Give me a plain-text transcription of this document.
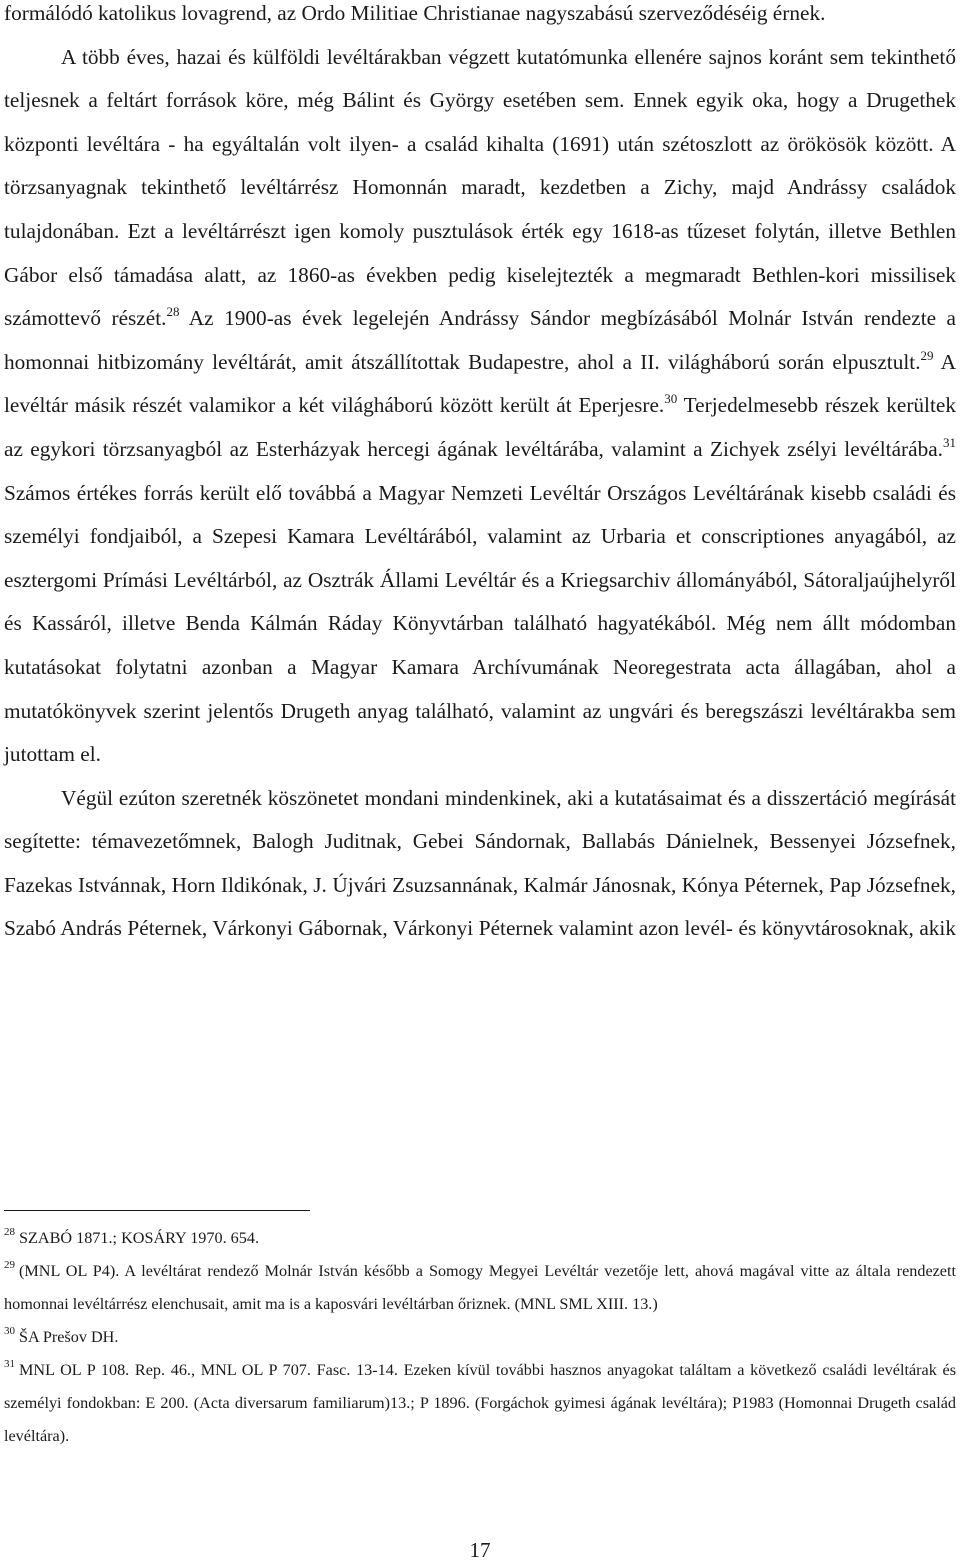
formálódó katolikus lovagrend, az Ordo Militiae Christianae nagyszabású szerveződéséig érnek.

A több éves, hazai és külföldi levéltárakban végzett kutatómunka ellenére sajnos koránt sem tekinthető teljesnek a feltárt források köre, még Bálint és György esetében sem. Ennek egyik oka, hogy a Drugethek központi levéltára - ha egyáltalán volt ilyen- a család kihalta (1691) után szétoszlott az örökösök között. A törzsanyagnak tekinthető levéltárrész Homonnán maradt, kezdetben a Zichy, majd Andrássy családok tulajdonában. Ezt a levéltárrészt igen komoly pusztulások érték egy 1618-as tűzeset folytán, illetve Bethlen Gábor első támadása alatt, az 1860-as években pedig kiselejtezték a megmaradt Bethlen-kori missilisek számottevő részét.$^{28}$ Az 1900-as évek legelején Andrássy Sándor megbízásából Molnár István rendezte a homonnai hitbizomány levéltárát, amit átszállítottak Budapestre, ahol a II. világháború során elpusztult.$^{29}$ A levéltár másik részét valamikor a két világháború között került át Eperjesre.$^{30}$ Terjedelmesebb részek kerültek az egykori törzsanyagból az Esterházyak hercegi ágának levéltárába, valamint a Zichyek zsélyi levéltárába.$^{31}$ Számos értékes forrás került elő továbbá a Magyar Nemzeti Levéltár Országos Levéltárának kisebb családi és személyi fondjaiból, a Szepesi Kamara Levéltárából, valamint az Urbaria et conscriptiones anyagából, az esztergomi Prímási Levéltárból, az Osztrák Állami Levéltár és a Kriegsarchiv állományából, Sátoraljaújhelyről és Kassáról, illetve Benda Kálmán Ráday Könyvtárban található hagyatékából. Még nem állt módomban kutatásokat folytatni azonban a Magyar Kamara Archívumának Neoregestrata acta állagában, ahol a mutatókönyvek szerint jelentős Drugeth anyag található, valamint az ungvári és beregszászi levéltárakba sem jutottam el.

Végül ezúton szeretnék köszönetet mondani mindenkinek, aki a kutatásaimat és a disszertáció megírását segítette: témavezetőmnek, Balogh Juditnak, Gebei Sándornak, Ballabás Dánielnek, Bessenyei Józsefnek, Fazekas Istvánnak, Horn Ildikónak, J. Újvári Zsuzsannának, Kalmár Jánosnak, Kónya Péternek, Pap Józsefnek, Szabó András Péternek, Várkonyi Gábornak, Várkonyi Péternek valamint azon levél- és könyvtárosoknak, akik

$^{28}$ SZABÓ 1871.; KOSÁRY 1970. 654.

$^{29}$ (MNL OL P4). A levéltárat rendező Molnár István később a Somogy Megyei Levéltár vezetője lett, ahová magával vitte az általa rendezett homonnai levéltárrész elenchusait, amit ma is a kaposvári levéltárban őriznek. (MNL SML XIII. 13.)

$^{30}$ ŠA Prešov DH.

$^{31}$ MNL OL P 108. Rep. 46., MNL OL P 707. Fasc. 13-14. Ezeken kívül további hasznos anyagokat találtam a következő családi levéltárak és személyi fondokban: E 200. (Acta diversarum familiarum)13.; P 1896. (Forgáchok gyimesi ágának levéltára); P1983 (Homonnai Drugeth család levéltára).

17
